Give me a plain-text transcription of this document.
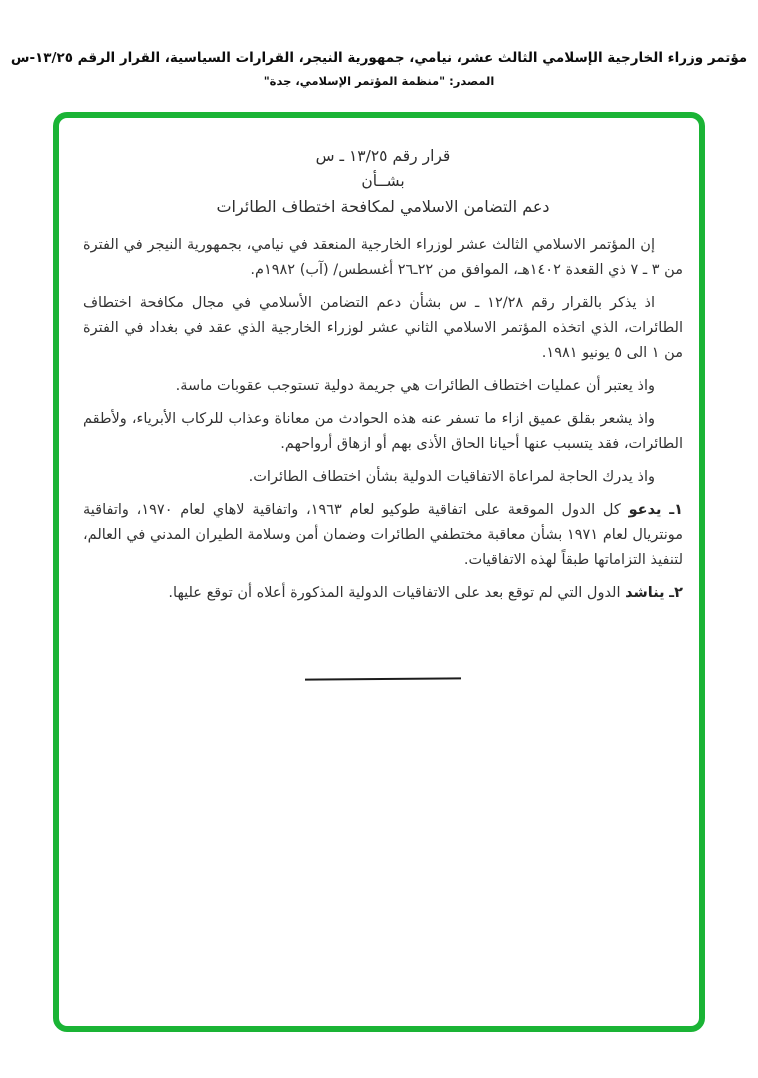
مؤتمر وزراء الخارجية الإسلامي الثالث عشر، نيامي، جمهورية النيجر، القرارات السياسية، القرار الرقم ١٣/٢٥-س
المصدر: "منظمة المؤتمر الإسلامي، جدة"
قرار رقم ١٣/٢٥ ـ س
بشــأن
دعم التضامن الاسلامي لمكافحة اختطاف الطائرات

إن المؤتمر الاسلامي الثالث عشر لوزراء الخارجية المنعقد في نيامي، بجمهورية النيجر في الفترة من ٣ ـ ٧ ذي القعدة ١٤٠٢هـ، الموافق من ٢٢ـ٢٦ أغسطس/ (آب) ١٩٨٢م.

اذ يذكر بالقرار رقم ١٢/٢٨ ـ س بشأن دعم التضامن الأسلامي في مجال مكافحة اختطاف الطائرات، الذي اتخذه المؤتمر الاسلامي الثاني عشر لوزراء الخارجية الذي عقد في بغداد في الفترة من ١ الى ٥ يونيو ١٩٨١.

واذ يعتبر أن عمليات اختطاف الطائرات هي جريمة دولية تستوجب عقوبات ماسة.

واذ يشعر بقلق عميق ازاء ما تسفر عنه هذه الحوادث من معاناة وعذاب للركاب الأبرياء، ولأطقم الطائرات، فقد يتسبب عنها أحيانا الحاق الأذى بهم أو ازهاق أرواحهم.

واذ يدرك الحاجة لمراعاة الاتفاقيات الدولية بشأن اختطاف الطائرات.

١ـ يدعو كل الدول الموقعة على اتفاقية طوكيو لعام ١٩٦٣، واتفاقية لاهاي لعام ١٩٧٠، واتفاقية مونتريال لعام ١٩٧١ بشأن معاقبة مختطفي الطائرات وضمان أمن وسلامة الطيران المدني في العالم، لتنفيذ التزاماتها طبقاً لهذه الاتفاقيات.
٢ـ يناشد الدول التي لم توقع بعد على الاتفاقيات الدولية المذكورة أعلاه أن توقع عليها.
